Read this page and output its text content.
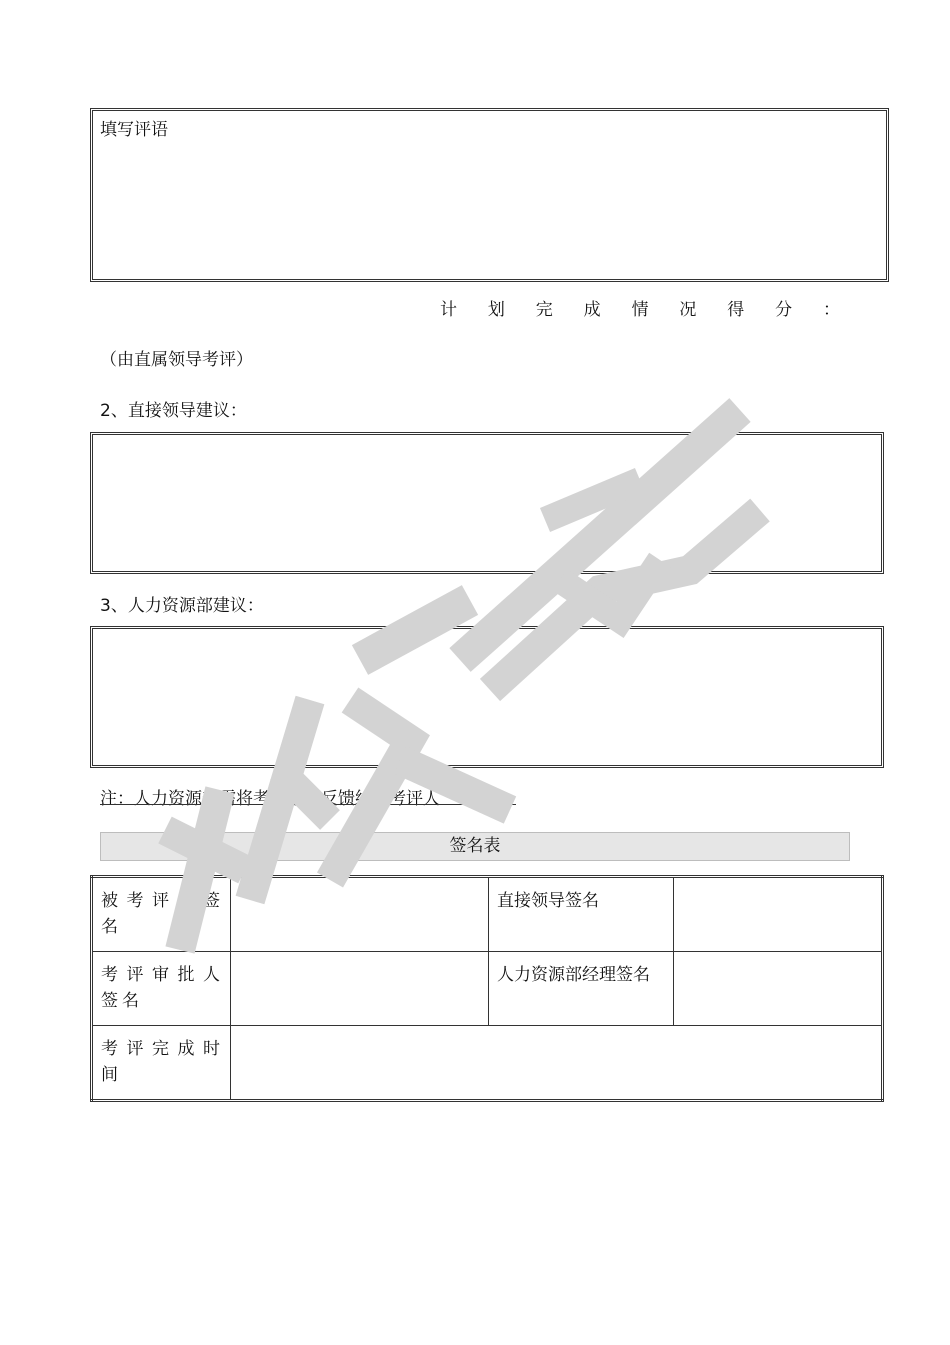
填写评语
计 划 完 成 情 况 得 分 ：
（由直属领导考评）
2、直接领导建议：
3、人力资源部建议：
注：人力资源部需将考评结果反馈给被考评人
签名表
被考评人签名		直接领导签名	
考评审批人签名		人力资源部经理签名	
考评完成时间			
